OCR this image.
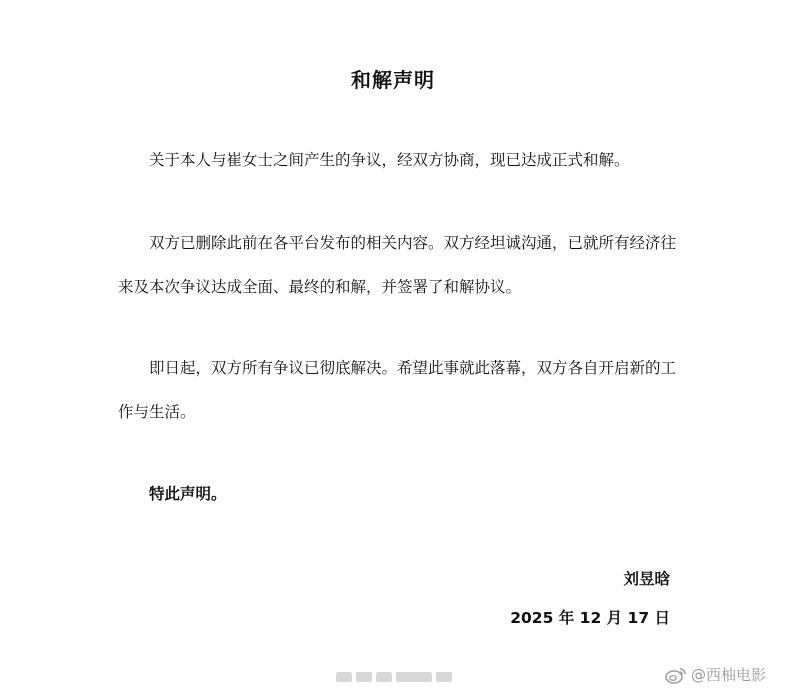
和解声明

关于本人与崔女士之间产生的争议，经双方协商，现已达成正式和解。

双方已删除此前在各平台发布的相关内容。双方经坦诚沟通，已就所有经济往来及本次争议达成全面、最终的和解，并签署了和解协议。

即日起，双方所有争议已彻底解决。希望此事就此落幕，双方各自开启新的工作与生活。

特此声明。
刘昱晗
2025 年 12 月 17 日
@西柚电影
